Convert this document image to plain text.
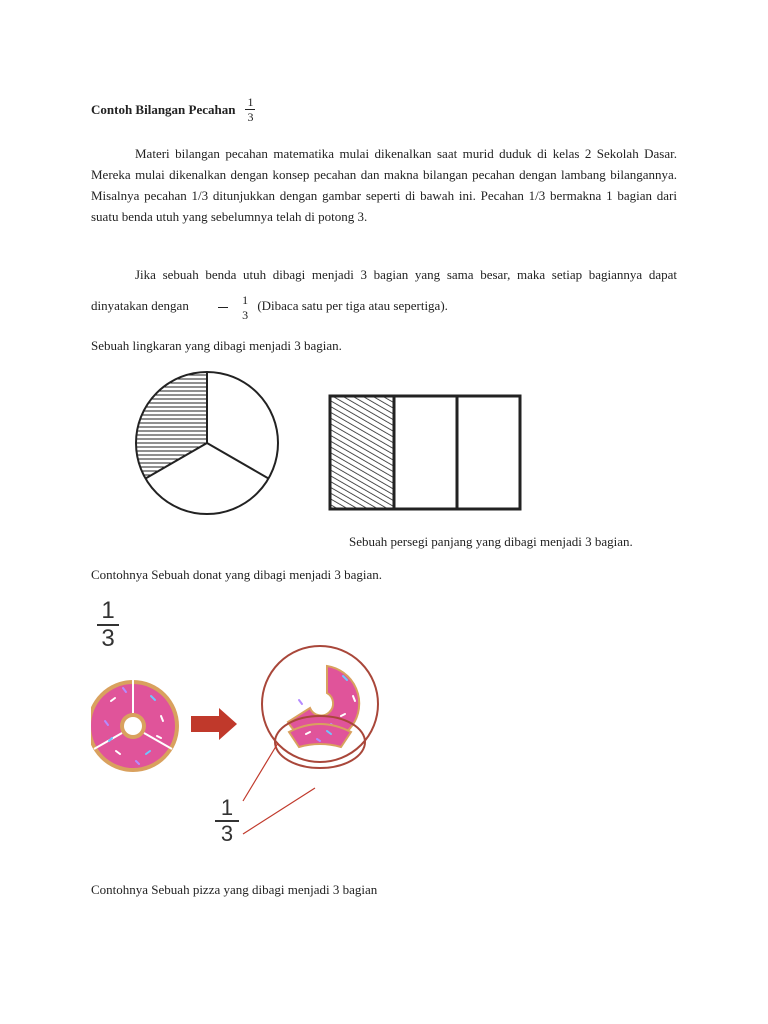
Contoh Bilangan Pecahan $\frac{1}{3}$

Materi bilangan pecahan matematika mulai dikenalkan saat murid duduk di kelas 2 Sekolah Dasar. Mereka mulai dikenalkan dengan konsep pecahan dan makna bilangan pecahan dengan lambang bilangannya. Misalnya pecahan 1/3 ditunjukkan dengan gambar seperti di bawah ini. Pecahan 1/3 bermakna 1 bagian dari suatu benda utuh yang sebelumnya telah di potong 3.

Jika sebuah benda utuh dibagi menjadi 3 bagian yang sama besar, maka setiap bagiannya dapat dinyatakan dengan $\frac{1}{3}$ (Dibaca satu per tiga atau sepertiga).

Sebuah lingkaran yang dibagi menjadi 3 bagian.
Sebuah persegi panjang yang dibagi menjadi 3 bagian.
Contohnya Sebuah donat yang dibagi menjadi 3 bagian.
1
3
1
3
Contohnya Sebuah pizza yang dibagi menjadi 3 bagian
